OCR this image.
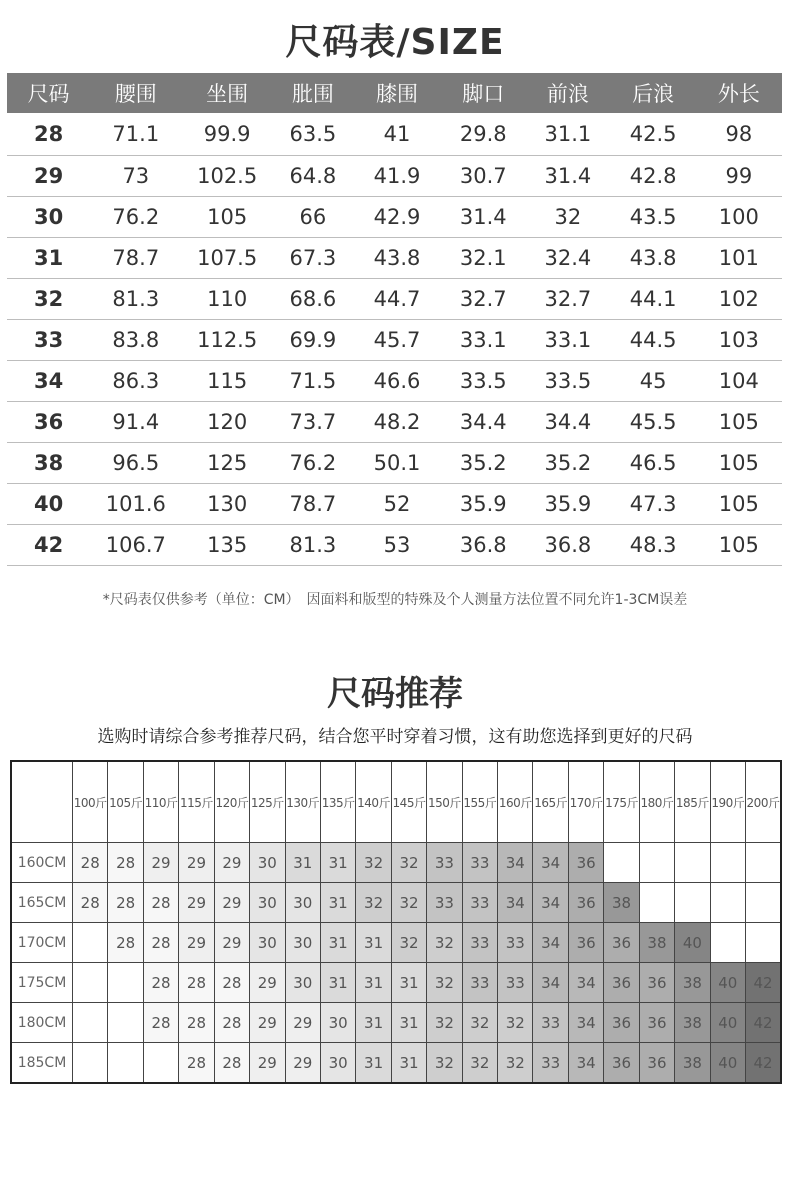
尺码表/SIZE
尺码	腰围	坐围	肶围	膝围	脚口	前浪	后浪	外长
28	71.1	99.9	63.5	41	29.8	31.1	42.5	98
29	73	102.5	64.8	41.9	30.7	31.4	42.8	99
30	76.2	105	66	42.9	31.4	32	43.5	100
31	78.7	107.5	67.3	43.8	32.1	32.4	43.8	101
32	81.3	110	68.6	44.7	32.7	32.7	44.1	102
33	83.8	112.5	69.9	45.7	33.1	33.1	44.5	103
34	86.3	115	71.5	46.6	33.5	33.5	45	104
36	91.4	120	73.7	48.2	34.4	34.4	45.5	105
38	96.5	125	76.2	50.1	35.2	35.2	46.5	105
40	101.6	130	78.7	52	35.9	35.9	47.3	105
42	106.7	135	81.3	53	36.8	36.8	48.3	105
*尺码表仅供参考（单位：CM）　因面料和版型的特殊及个人测量方法位置不同允许1-3CM误差
尺码推荐
选购时请综合参考推荐尺码，结合您平时穿着习惯，这有助您选择到更好的尺码
	100斤	105斤	110斤	115斤	120斤	125斤	130斤	135斤	140斤	145斤	150斤	155斤	160斤	165斤	170斤	175斤	180斤	185斤	190斤	200斤
160CM	28	28	29	29	29	30	31	31	32	32	33	33	34	34	36					
165CM	28	28	28	29	29	30	30	31	32	32	33	33	34	34	36	38				
170CM		28	28	29	29	30	30	31	31	32	32	33	33	34	36	36	38	40		
175CM			28	28	28	29	30	31	31	31	32	33	33	34	34	36	36	38	40	42
180CM			28	28	28	29	29	30	31	31	32	32	32	33	34	36	36	38	40	42
185CM				28	28	29	29	30	31	31	32	32	32	33	34	36	36	38	40	42
